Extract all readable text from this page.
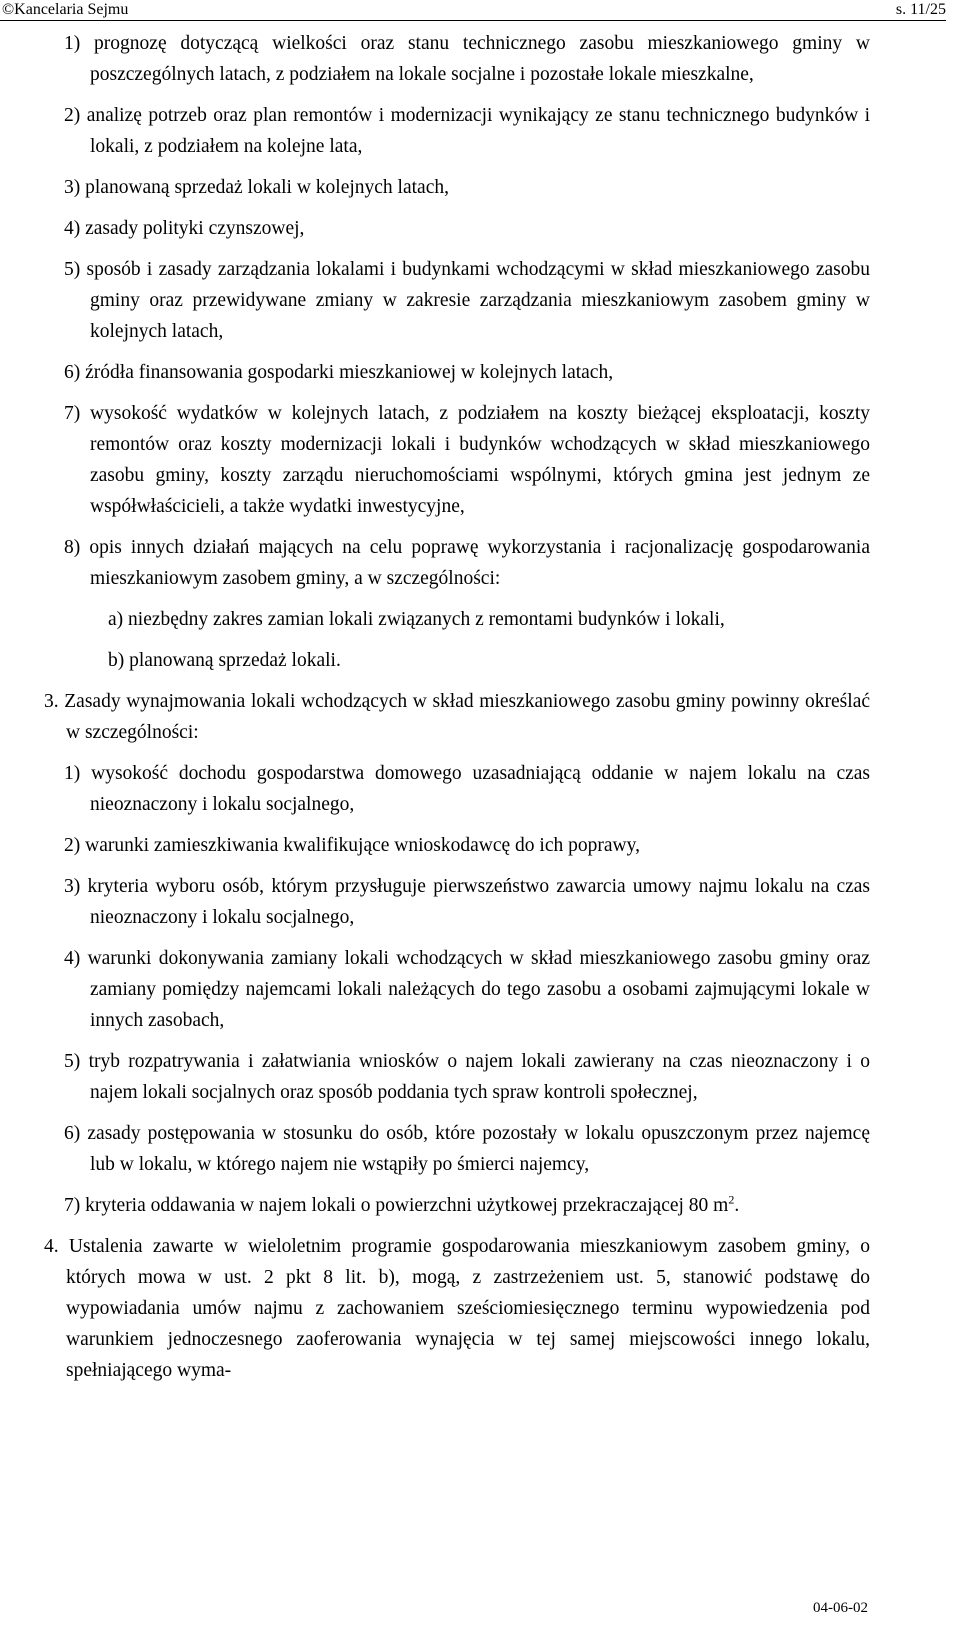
©Kancelaria Sejmu	s. 11/25
1) prognozę dotyczącą wielkości oraz stanu technicznego zasobu mieszkaniowego gminy w poszczególnych latach, z podziałem na lokale socjalne i pozostałe lokale mieszkalne,
2) analizę potrzeb oraz plan remontów i modernizacji wynikający ze stanu technicznego budynków i lokali, z podziałem na kolejne lata,
3) planowaną sprzedaż lokali w kolejnych latach,
4) zasady polityki czynszowej,
5) sposób i zasady zarządzania lokalami i budynkami wchodzącymi w skład mieszkaniowego zasobu gminy oraz przewidywane zmiany w zakresie zarządzania mieszkaniowym zasobem gminy w kolejnych latach,
6) źródła finansowania gospodarki mieszkaniowej w kolejnych latach,
7) wysokość wydatków w kolejnych latach, z podziałem na koszty bieżącej eksploatacji, koszty remontów oraz koszty modernizacji lokali i budynków wchodzących w skład mieszkaniowego zasobu gminy, koszty zarządu nieruchomościami wspólnymi, których gmina jest jednym ze współwłaścicieli, a także wydatki inwestycyjne,
8) opis innych działań mających na celu poprawę wykorzystania i racjonalizację gospodarowania mieszkaniowym zasobem gminy, a w szczególności:
a) niezbędny zakres zamian lokali związanych z remontami budynków i lokali,
b) planowaną sprzedaż lokali.
3. Zasady wynajmowania lokali wchodzących w skład mieszkaniowego zasobu gminy powinny określać w szczególności:
1) wysokość dochodu gospodarstwa domowego uzasadniającą oddanie w najem lokalu na czas nieoznaczony i lokalu socjalnego,
2) warunki zamieszkiwania kwalifikujące wnioskodawcę do ich poprawy,
3) kryteria wyboru osób, którym przysługuje pierwszeństwo zawarcia umowy najmu lokalu na czas nieoznaczony i lokalu socjalnego,
4) warunki dokonywania zamiany lokali wchodzących w skład mieszkaniowego zasobu gminy oraz zamiany pomiędzy najemcami lokali należących do tego zasobu a osobami zajmującymi lokale w innych zasobach,
5) tryb rozpatrywania i załatwiania wniosków o najem lokali zawierany na czas nieoznaczony i o najem lokali socjalnych oraz sposób poddania tych spraw kontroli społecznej,
6) zasady postępowania w stosunku do osób, które pozostały w lokalu opuszczonym przez najemcę lub w lokalu, w którego najem nie wstąpiły po śmierci najemcy,
7) kryteria oddawania w najem lokali o powierzchni użytkowej przekraczającej 80 $m^2$.
4. Ustalenia zawarte w wieloletnim programie gospodarowania mieszkaniowym zasobem gminy, o których mowa w ust. 2 pkt 8 lit. b), mogą, z zastrzeżeniem ust. 5, stanowić podstawę do wypowiadania umów najmu z zachowaniem sześciomiesięcznego terminu wypowiedzenia pod warunkiem jednoczesnego zaoferowania wynajęcia w tej samej miejscowości innego lokalu, spełniającego wyma-
04-06-02
